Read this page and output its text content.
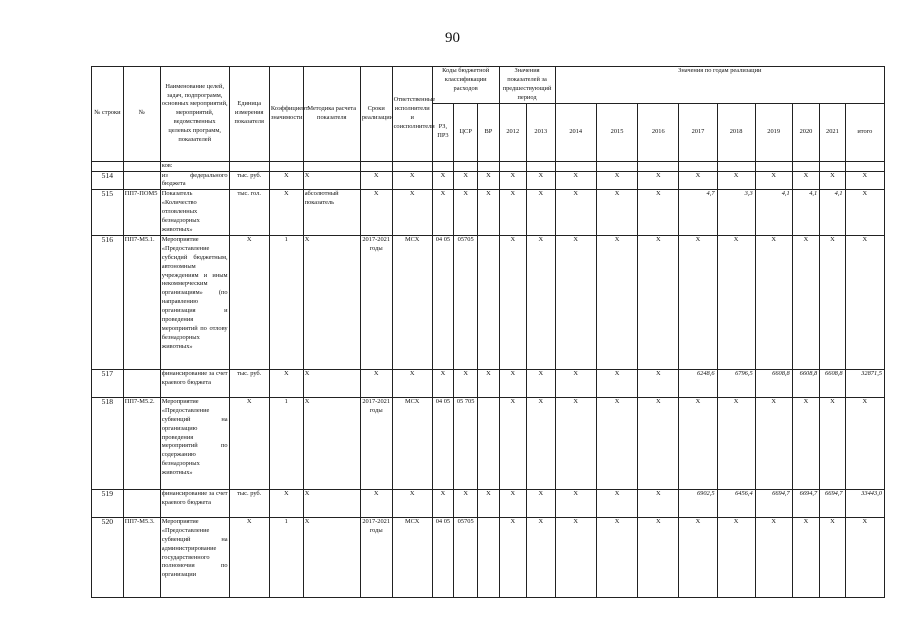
90
№ строки	№	Наименование целей, задач, подпрограмм, основных мероприятий, мероприятий, ведомственных целевых программ, показателей	Единица измерения показателя	Коэффициент значимости	Методика расчета показателя	Сроки реализации	Ответственные исполнители и соисполнители	Коды бюджетной классификации расходов			Значения показателей за предшествующий период		Значения по годам реализации								
								РЗ, ПР3	ЦСР	ВР	2012	2013	2014	2015	2016	2017	2018	2019	2020	2021	итого
		ков:																			
514		из федерального бюджета	тыс. руб.	Х	Х	Х	Х	Х	Х	Х	Х	Х	Х	Х	Х	Х	Х	Х	Х	Х	Х
515	ПП7-ПОМ5	Показатель «Количество отловленных безнадзорных животных»	тыс. гол.	Х	абсолютный показатель	Х	Х	Х	Х	Х	Х	Х	Х	Х	Х	4,7	3,3	4,1	4,1	4,1	Х
516	ПП7-М5.1.	Мероприятие «Предоставление субсидий бюджетным, автономным учреждениям и иным некоммерческим организациям» (по направлению организация и проведения мероприятий по отлову безнадзорных животных»	Х	1	Х	2017-2021 годы	МСХ	04 05	05705		Х	Х	Х	Х	Х	Х	Х	Х	Х	Х	Х
517		финансирование за счет краевого бюджета	тыс. руб.	Х	Х	Х	Х	Х	Х	Х	Х	Х	Х	Х	Х	6248,6	6796,5	6608,8	6608,8	6608,8	32871,5
518	ПП7-М5.2.	Мероприятие «Предоставление субвенций на организацию проведения мероприятий по содержанию безнадзорных животных»	Х	1	Х	2017-2021 годы	МСХ	04 05	05 705		Х	Х	Х	Х	Х	Х	Х	Х	Х	Х	Х
519		финансирование за счет краевого бюджета	тыс. руб.	Х	Х	Х	Х	Х	Х	Х	Х	Х	Х	Х	Х	6902,5	6456,4	6694,7	6694,7	6694,7	33443,0
520	ПП7-М5.3.	Мероприятие «Предоставление субвенций на администрирование государственного полномочия по организации	Х	1	Х	2017-2021 годы	МСХ	04 05	05705		Х	Х	Х	Х	Х	Х	Х	Х	Х	Х	Х
